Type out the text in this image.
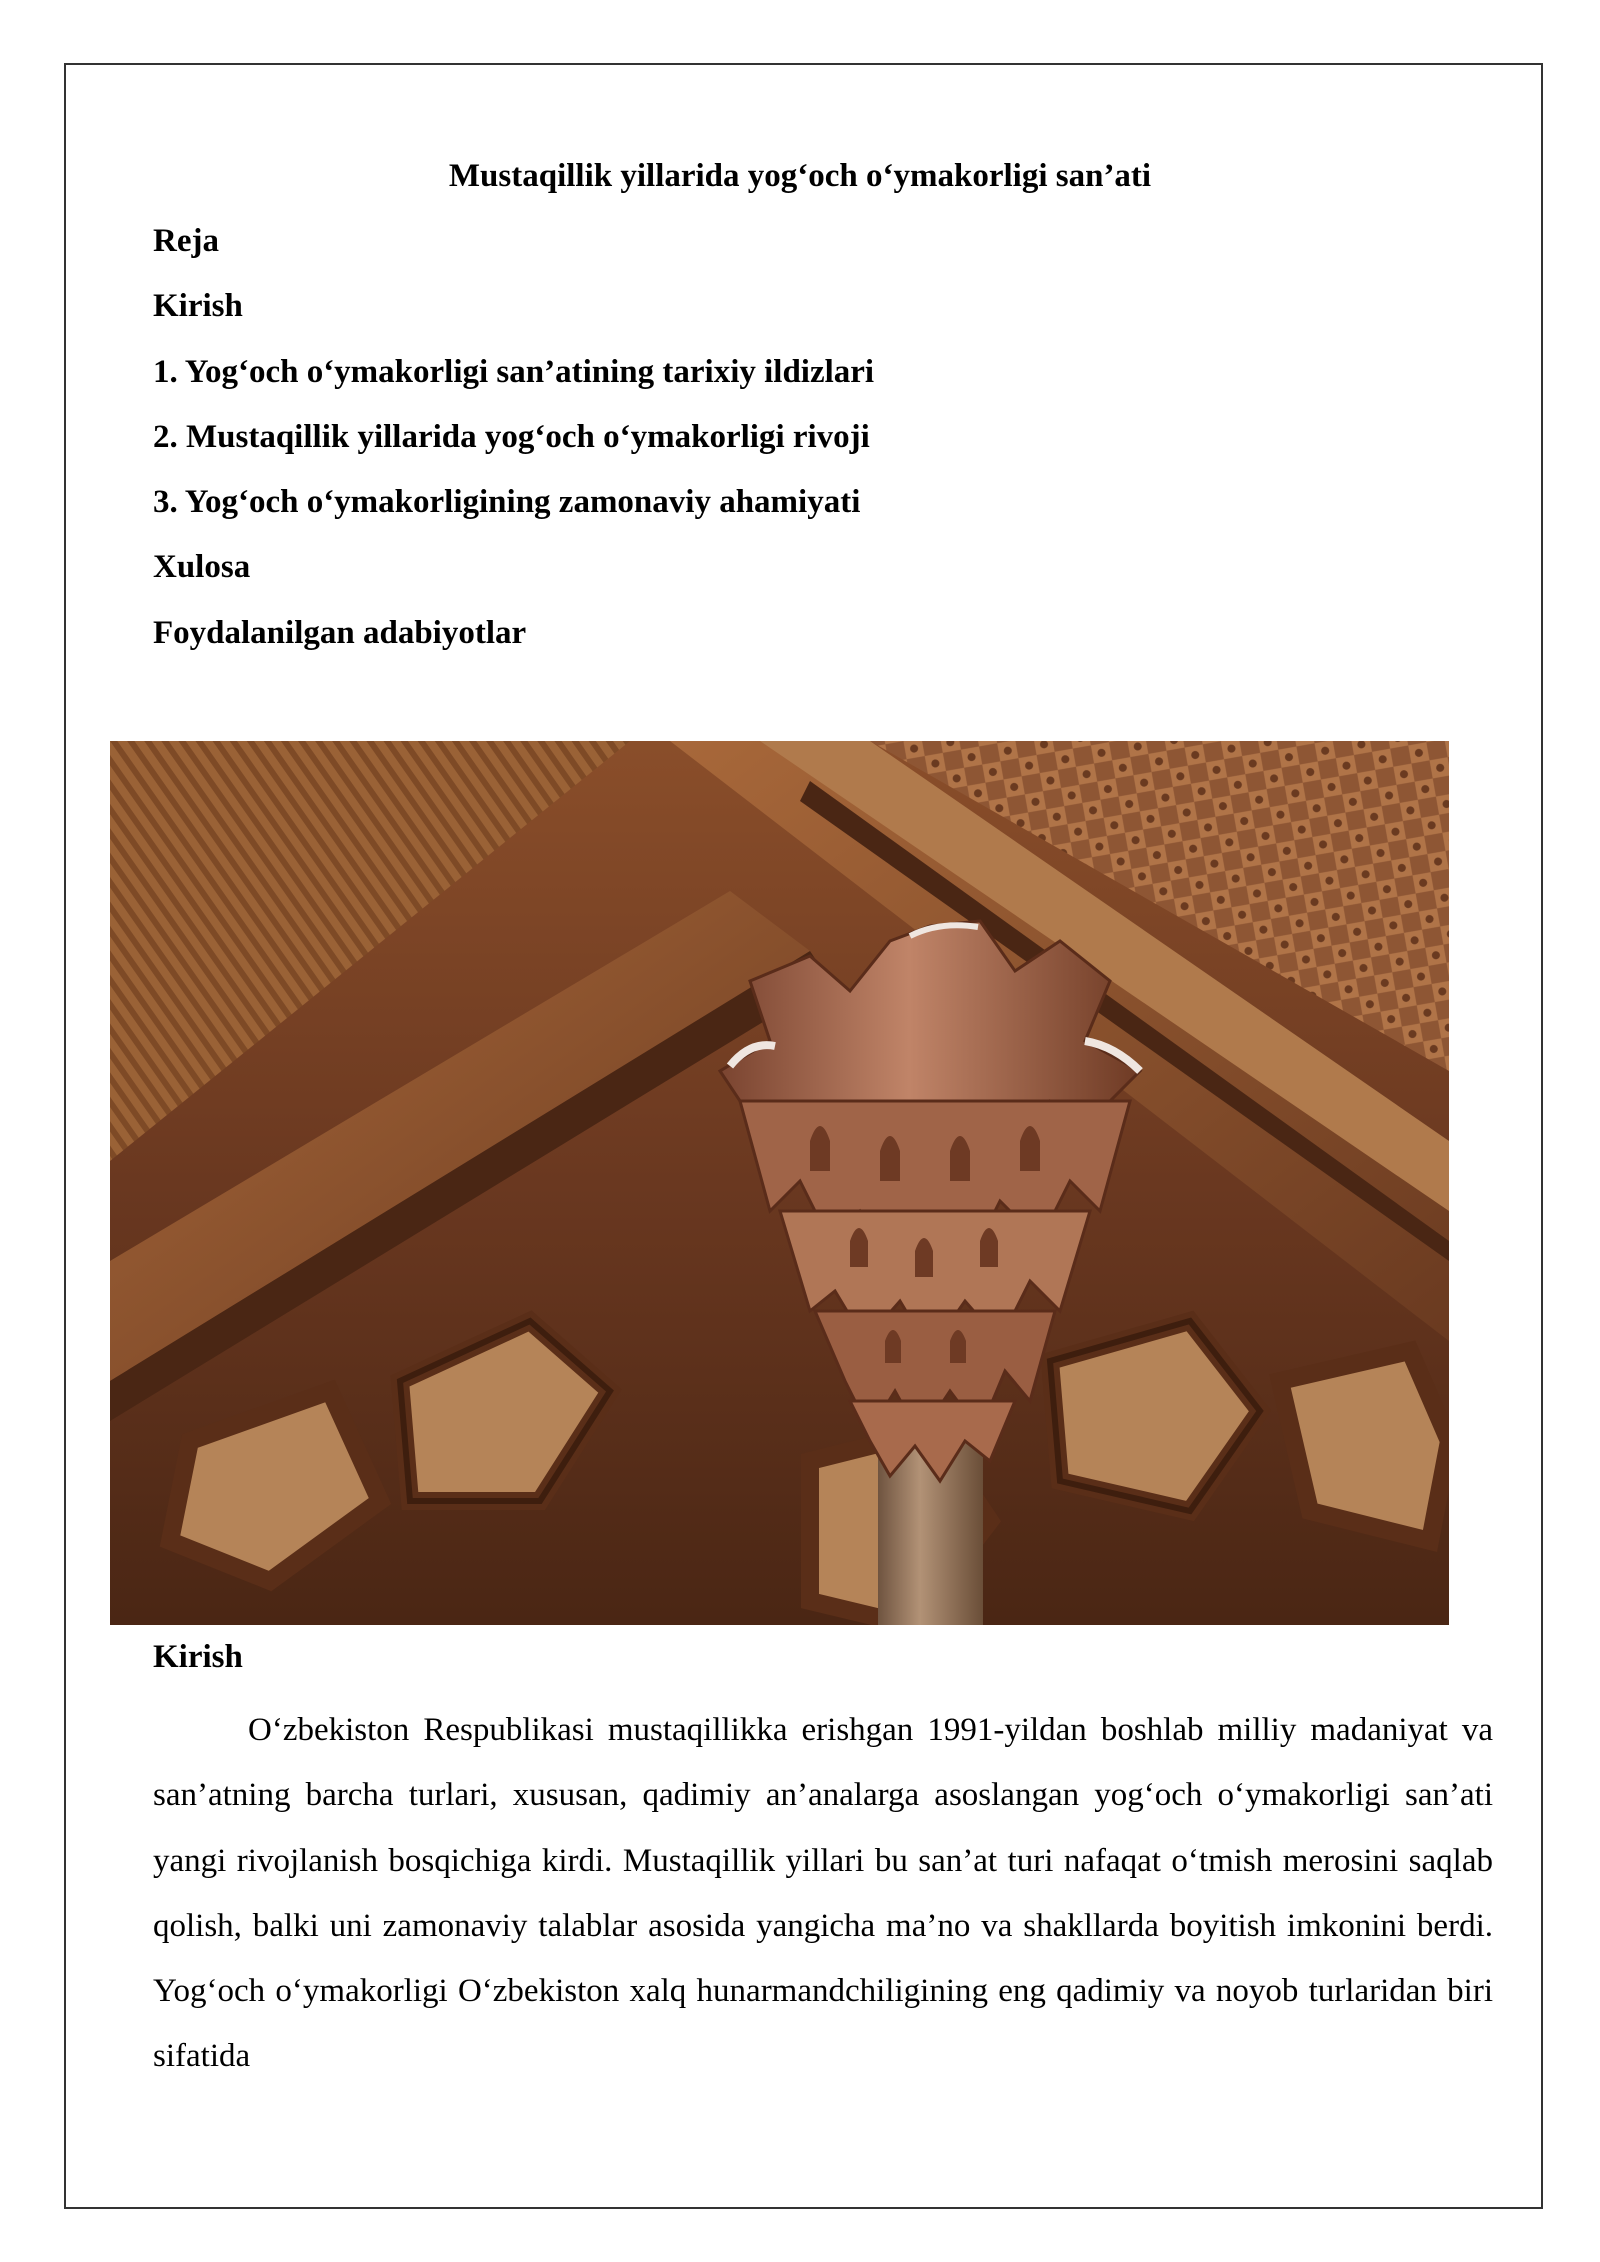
Mustaqillik yillarida yog‘och o‘ymakorligi san’ati
Reja
Kirish
1. Yog‘och o‘ymakorligi san’atining tarixiy ildizlari
2. Mustaqillik yillarida yog‘och o‘ymakorligi rivoji
3. Yog‘och o‘ymakorligining zamonaviy ahamiyati
Xulosa
Foydalanilgan adabiyotlar
Kirish

O‘zbekiston Respublikasi mustaqillikka erishgan 1991-yildan boshlab milliy madaniyat va san’atning barcha turlari, xususan, qadimiy an’analarga asoslangan yog‘och o‘ymakorligi san’ati yangi rivojlanish bosqichiga kirdi. Mustaqillik yillari bu san’at turi nafaqat o‘tmish merosini saqlab qolish, balki uni zamonaviy talablar asosida yangicha ma’no va shakllarda boyitish imkonini berdi. Yog‘och o‘ymakorligi O‘zbekiston xalq hunarmandchiligining eng qadimiy va noyob turlaridan biri sifatida
